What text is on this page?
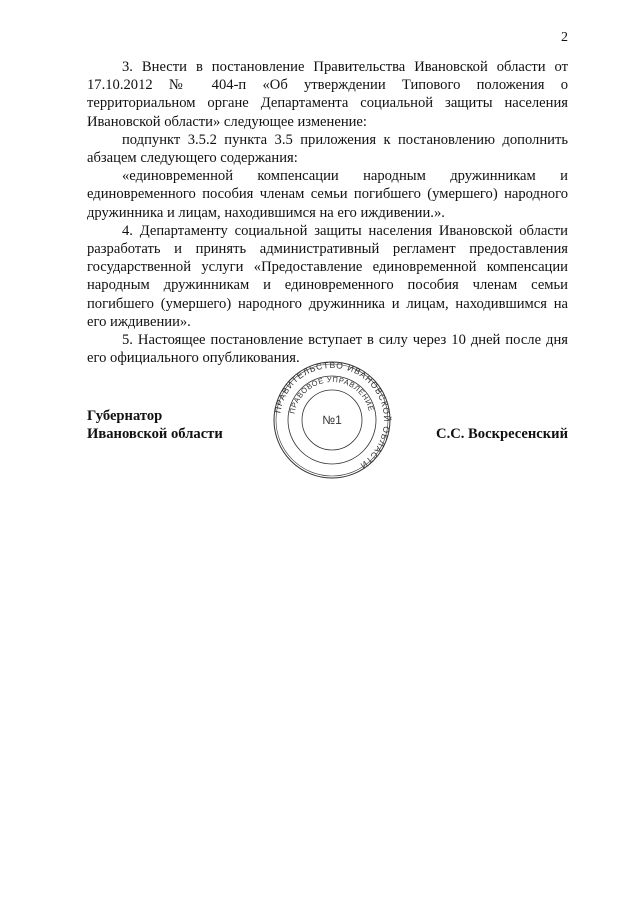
2

3. Внести в постановление Правительства Ивановской области от 17.10.2012 № 404-п «Об утверждении Типового положения о территориальном органе Департамента социальной защиты населения Ивановской области» следующее изменение:

подпункт 3.5.2 пункта 3.5 приложения к постановлению дополнить абзацем следующего содержания:

«единовременной компенсации народным дружинникам и единовременного пособия членам семьи погибшего (умершего) народного дружинника и лицам, находившимся на его иждивении.».

4. Департаменту социальной защиты населения Ивановской области разработать и принять административный регламент предоставления государственной услуги «Предоставление единовременной компенсации народным дружинникам и единовременного пособия членам семьи погибшего (умершего) народного дружинника и лицам, находившимся на его иждивении».

5. Настоящее постановление вступает в силу через 10 дней после дня его официального опубликования.

Губернатор
Ивановской области
ПРАВИТЕЛЬСТВО ИВАНОВСКОЙ ОБЛАСТИ
ПРАВОВОЕ УПРАВЛЕНИЕ
№1
С.С. Воскресенский
